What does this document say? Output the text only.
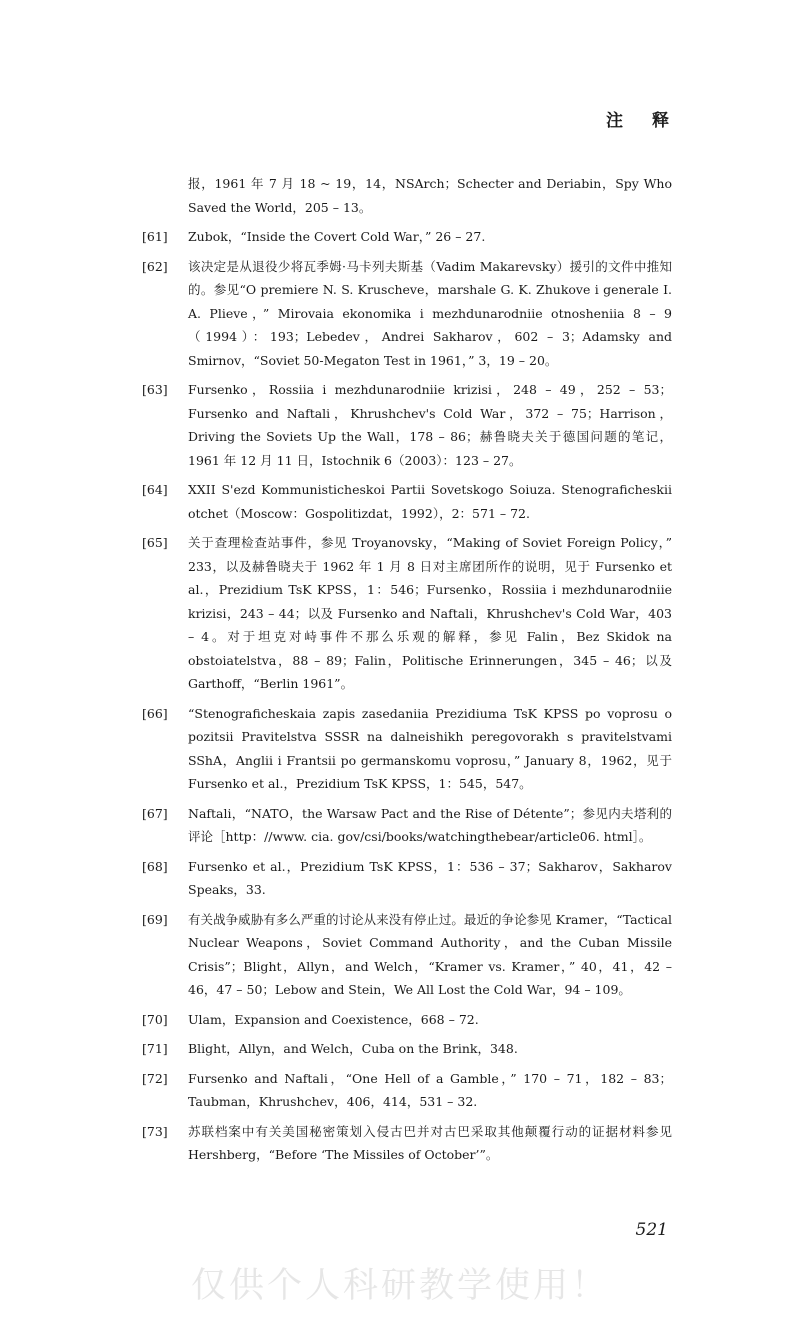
注　释
报，1961 年 7 月 18 ~ 19，14，NSArch；Schecter and Deriabin，Spy Who Saved the World，205 – 13。
[61] Zubok，“Inside the Covert Cold War，” 26 – 27.
[62] 该决定是从退役少将瓦季姆·马卡列夫斯基（Vadim Makarevsky）援引的文件中推知的。参见“O premiere N. S. Kruscheve，marshale G. K. Zhukove i generale I. A. Plieve，” Mirovaia ekonomika i mezhdunarodniie otnosheniia 8 – 9（1994）：193；Lebedev，Andrei Sakharov，602 – 3；Adamsky and Smirnov，“Soviet 50-Megaton Test in 1961，” 3，19 – 20。
[63] Fursenko，Rossiia i mezhdunarodniie krizisi，248 – 49，252 – 53；Fursenko and Naftali，Khrushchev's Cold War，372 – 75；Harrison，Driving the Soviets Up the Wall，178 – 86；赫鲁晓夫关于德国问题的笔记，1961 年 12 月 11 日，Istochnik 6（2003）：123 – 27。
[64] XXII S'ezd Kommunisticheskoi Partii Sovetskogo Soiuza. Stenograficheskii otchet（Moscow：Gospolitizdat，1992），2：571 – 72.
[65] 关于查理检查站事件，参见 Troyanovsky，“Making of Soviet Foreign Policy，” 233，以及赫鲁晓夫于 1962 年 1 月 8 日对主席团所作的说明，见于 Fursenko et al.，Prezidium TsK KPSS，1：546；Fursenko，Rossiia i mezhdunarodniie krizisi，243 – 44；以及 Fursenko and Naftali，Khrushchev's Cold War，403 – 4。对于坦克对峙事件不那么乐观的解释，参见 Falin，Bez Skidok na obstoiatelstva，88 – 89；Falin，Politische Erinnerungen，345 – 46；以及 Garthoff，“Berlin 1961”。
[66] “Stenograficheskaia zapis zasedaniia Prezidiuma TsK KPSS po voprosu o pozitsii Pravitelstva SSSR na dalneishikh peregovorakh s pravitelstvami SShA，Anglii i Frantsii po germanskomu voprosu，” January 8，1962，见于 Fursenko et al.，Prezidium TsK KPSS，1：545，547。
[67] Naftali，“NATO，the Warsaw Pact and the Rise of Détente”；参见内夫塔利的评论［http：//www. cia. gov/csi/books/watchingthebear/article06. html］。
[68] Fursenko et al.，Prezidium TsK KPSS，1：536 – 37；Sakharov，Sakharov Speaks，33.
[69] 有关战争威胁有多么严重的讨论从来没有停止过。最近的争论参见 Kramer，“Tactical Nuclear Weapons，Soviet Command Authority，and the Cuban Missile Crisis”；Blight，Allyn，and Welch，“Kramer vs. Kramer，” 40，41，42 – 46，47 – 50；Lebow and Stein，We All Lost the Cold War，94 – 109。
[70] Ulam，Expansion and Coexistence，668 – 72.
[71] Blight，Allyn，and Welch，Cuba on the Brink，348.
[72] Fursenko and Naftali，“One Hell of a Gamble，” 170 – 71，182 – 83；Taubman，Khrushchev，406，414，531 – 32.
[73] 苏联档案中有关美国秘密策划入侵古巴并对古巴采取其他颠覆行动的证据材料参见 Hershberg，“Before ‘The Missiles of October’”。
521
仅供个人科研教学使用！
